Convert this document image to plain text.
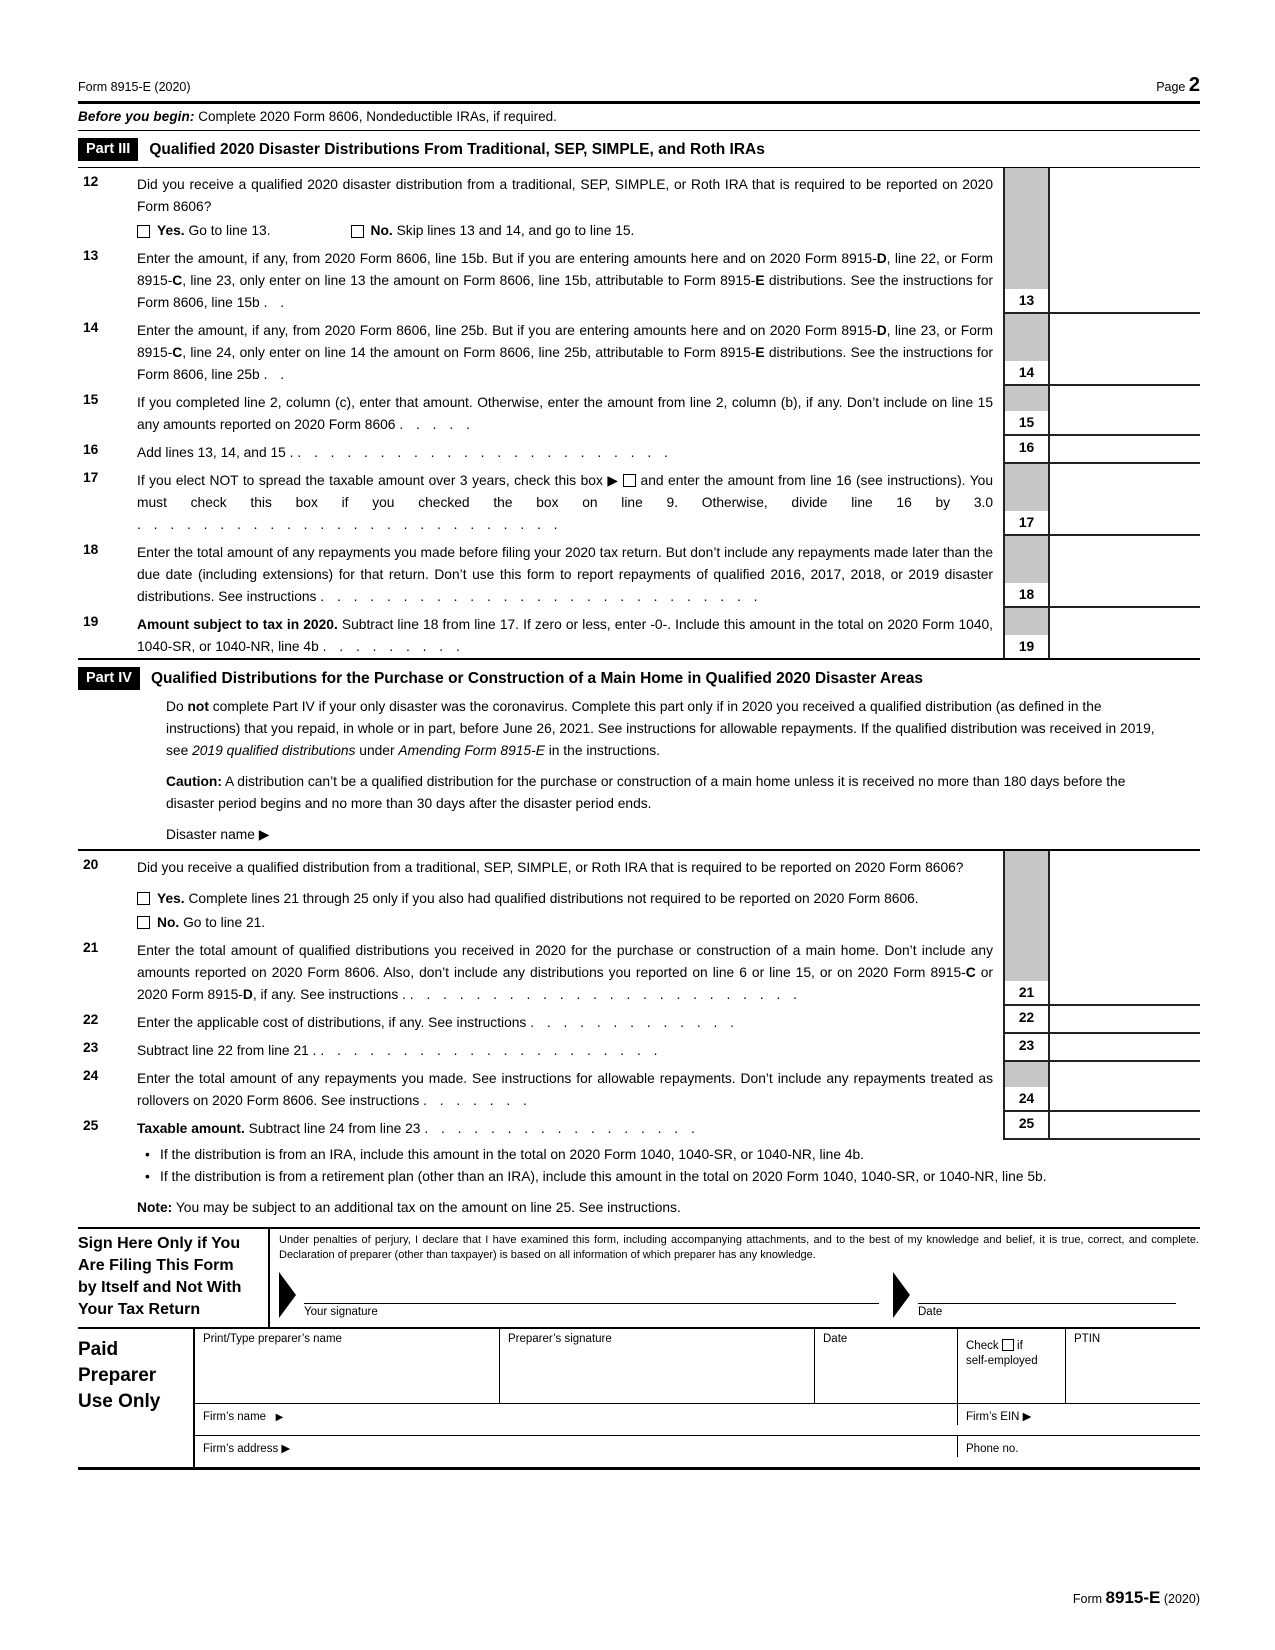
Form 8915-E (2020)	Page 2
Before you begin: Complete 2020 Form 8606, Nondeductible IRAs, if required.
Part III	Qualified 2020 Disaster Distributions From Traditional, SEP, SIMPLE, and Roth IRAs
12	Did you receive a qualified 2020 disaster distribution from a traditional, SEP, SIMPLE, or Roth IRA that is required to be reported on 2020 Form 8606?

Yes. Go to line 13.	No. Skip lines 13 and 14, and go to line 15.
13	Enter the amount, if any, from 2020 Form 8606, line 15b. But if you are entering amounts here and on 2020 Form 8915-D, line 22, or Form 8915-C, line 23, only enter on line 13 the amount on Form 8606, line 15b, attributable to Form 8915-E distributions. See the instructions for Form 8606, line 15b . .	13
14	Enter the amount, if any, from 2020 Form 8606, line 25b. But if you are entering amounts here and on 2020 Form 8915-D, line 23, or Form 8915-C, line 24, only enter on line 14 the amount on Form 8606, line 25b, attributable to Form 8915-E distributions. See the instructions for Form 8606, line 25b . .	14
15	If you completed line 2, column (c), enter that amount. Otherwise, enter the amount from line 2, column (b), if any. Don’t include on line 15 any amounts reported on 2020 Form 8606 . . . . .	15
16	Add lines 13, 14, and 15 . . . . . . . . . . . . . . . . . . . . . . . .	16
17	If you elect NOT to spread the taxable amount over 3 years, check this box ▶  and enter the amount from line 16 (see instructions). You must check this box if you checked the box on line 9. Otherwise, divide line 16 by 3.0 . . . . . . . . . . . . . . . . . . . . . . . . . .	17
18	Enter the total amount of any repayments you made before filing your 2020 tax return. But don’t include any repayments made later than the due date (including extensions) for that return. Don’t use this form to report repayments of qualified 2016, 2017, 2018, or 2019 disaster distributions. See instructions . . . . . . . . . . . . . . . . . . . . . . . . . . .	18
19	Amount subject to tax in 2020. Subtract line 18 from line 17. If zero or less, enter -0-. Include this amount in the total on 2020 Form 1040, 1040-SR, or 1040-NR, line 4b . . . . . . . . .	19
Part IV	Qualified Distributions for the Purchase or Construction of a Main Home in Qualified 2020 Disaster Areas
Do not complete Part IV if your only disaster was the coronavirus. Complete this part only if in 2020 you received a qualified distribution (as defined in the instructions) that you repaid, in whole or in part, before June 26, 2021. See instructions for allowable repayments. If the qualified distribution was received in 2019, see 2019 qualified distributions under Amending Form 8915-E in the instructions.
Caution: A distribution can’t be a qualified distribution for the purchase or construction of a main home unless it is received no more than 180 days before the disaster period begins and no more than 30 days after the disaster period ends.
Disaster name ▶
20	Did you receive a qualified distribution from a traditional, SEP, SIMPLE, or Roth IRA that is required to be reported on 2020 Form 8606?

Yes. Complete lines 21 through 25 only if you also had qualified distributions not required to be reported on 2020 Form 8606.
No. Go to line 21.
21	Enter the total amount of qualified distributions you received in 2020 for the purchase or construction of a main home. Don’t include any amounts reported on 2020 Form 8606. Also, don’t include any distributions you reported on line 6 or line 15, or on 2020 Form 8915-C or 2020 Form 8915-D, if any. See instructions . . . . . . . . . . . . . . . . . . . . . . . . .	21
22	Enter the applicable cost of distributions, if any. See instructions . . . . . . . . . . . . .	22
23	Subtract line 22 from line 21 . . . . . . . . . . . . . . . . . . . . . .	23
24	Enter the total amount of any repayments you made. See instructions for allowable repayments. Don’t include any repayments treated as rollovers on 2020 Form 8606. See instructions . . . . . . .	24
25	Taxable amount. Subtract line 24 from line 23 . . . . . . . . . . . . . . . . .	25
• If the distribution is from an IRA, include this amount in the total on 2020 Form 1040, 1040-SR, or 1040-NR, line 4b.
• If the distribution is from a retirement plan (other than an IRA), include this amount in the total on 2020 Form 1040, 1040-SR, or 1040-NR, line 5b.
Note: You may be subject to an additional tax on the amount on line 25. See instructions.
Sign Here Only if You
Are Filing This Form
by Itself and Not With
Your Tax Return
Under penalties of perjury, I declare that I have examined this form, including accompanying attachments, and to the best of my knowledge and belief, it is true, correct, and complete. Declaration of preparer (other than taxpayer) is based on all information of which preparer has any knowledge.
Your signature	Date
Paid
Preparer
Use Only
Print/Type preparer’s name	Preparer’s signature	Date
Check if
self-employed
PTIN
Firm’s name ▶	Firm’s EIN ▶
Firm’s address ▶	Phone no.
Form 8915-E (2020)
